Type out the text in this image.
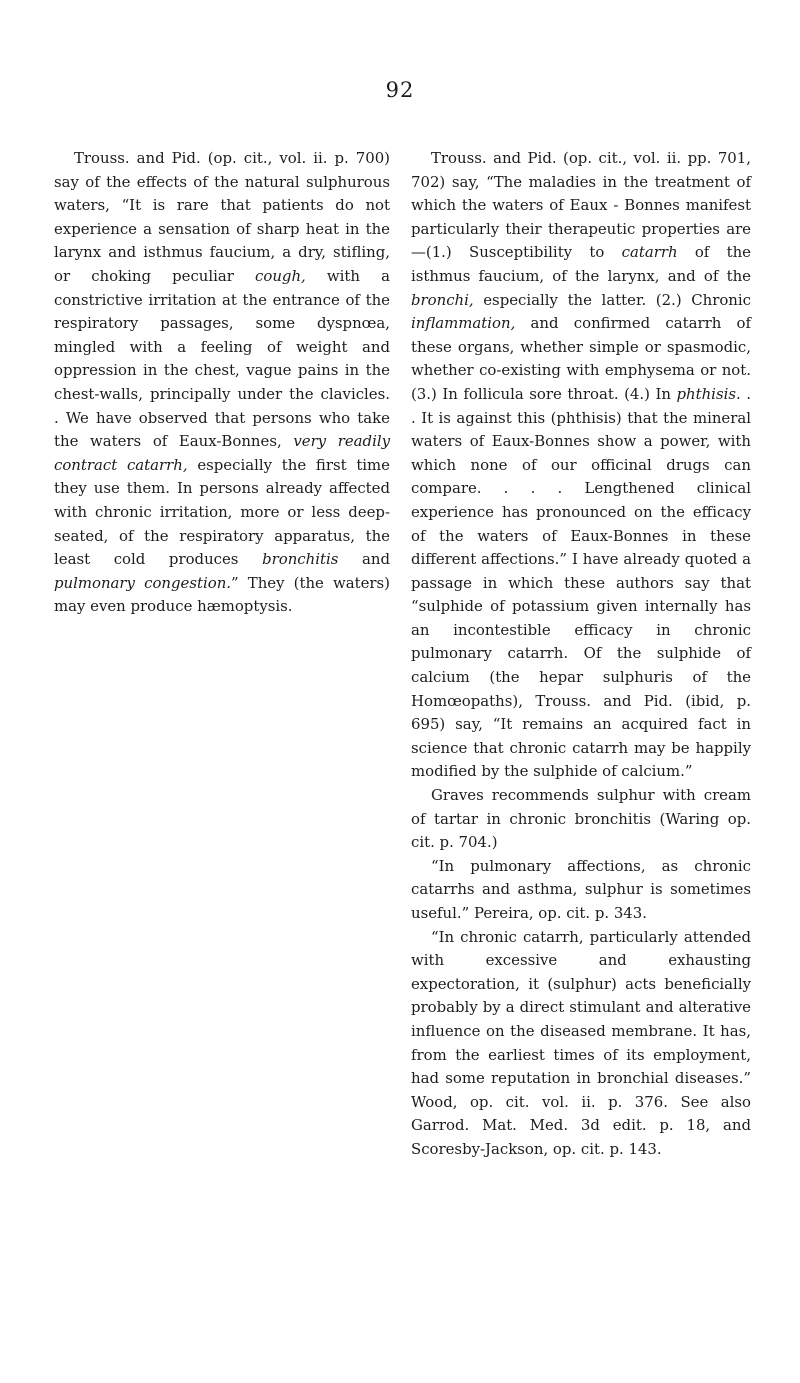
92

Trouss. and Pid. (op. cit., vol. ii. p. 700) say of the effects of the natural sulphurous waters, “It is rare that patients do not experience a sensation of sharp heat in the larynx and isthmus faucium, a dry, stifling, or choking peculiar cough, with a constrictive irritation at the entrance of the respiratory passages, some dyspnœa, mingled with a feeling of weight and oppression in the chest, vague pains in the chest-walls, principally under the clavicles. . We have observed that persons who take the waters of Eaux-Bonnes, very readily contract catarrh, especially the first time they use them. In persons already affected with chronic irritation, more or less deep-seated, of the respiratory apparatus, the least cold produces bronchitis and pulmonary congestion.” They (the waters) may even produce hæmoptysis.

Trouss. and Pid. (op. cit., vol. ii. pp. 701, 702) say, “The maladies in the treatment of which the waters of Eaux - Bonnes manifest particularly their therapeutic properties are—(1.) Susceptibility to catarrh of the isthmus faucium, of the larynx, and of the bronchi, especially the latter. (2.) Chronic inflammation, and confirmed catarrh of these organs, whether simple or spasmodic, whether co-existing with emphysema or not. (3.) In follicula sore throat. (4.) In phthisis. . . It is against this (phthisis) that the mineral waters of Eaux-Bonnes show a power, with which none of our officinal drugs can compare. . . . Lengthened clinical experience has pronounced on the efficacy of the waters of Eaux-Bonnes in these different affections.” I have already quoted a passage in which these authors say that “sulphide of potassium given internally has an incontestible efficacy in chronic pulmonary catarrh. Of the sulphide of calcium (the hepar sulphuris of the Homœopaths), Trouss. and Pid. (ibid, p. 695) say, “It remains an acquired fact in science that chronic catarrh may be happily modified by the sulphide of calcium.”

Graves recommends sulphur with cream of tartar in chronic bronchitis (Waring op. cit. p. 704.)

“In pulmonary affections, as chronic catarrhs and asthma, sulphur is sometimes useful.” Pereira, op. cit. p. 343.

“In chronic catarrh, particularly attended with excessive and exhausting expectoration, it (sulphur) acts beneficially probably by a direct stimulant and alterative influence on the diseased membrane. It has, from the earliest times of its employment, had some reputation in bronchial diseases.” Wood, op. cit. vol. ii. p. 376. See also Garrod. Mat. Med. 3d edit. p. 18, and Scoresby-Jackson, op. cit. p. 143.
